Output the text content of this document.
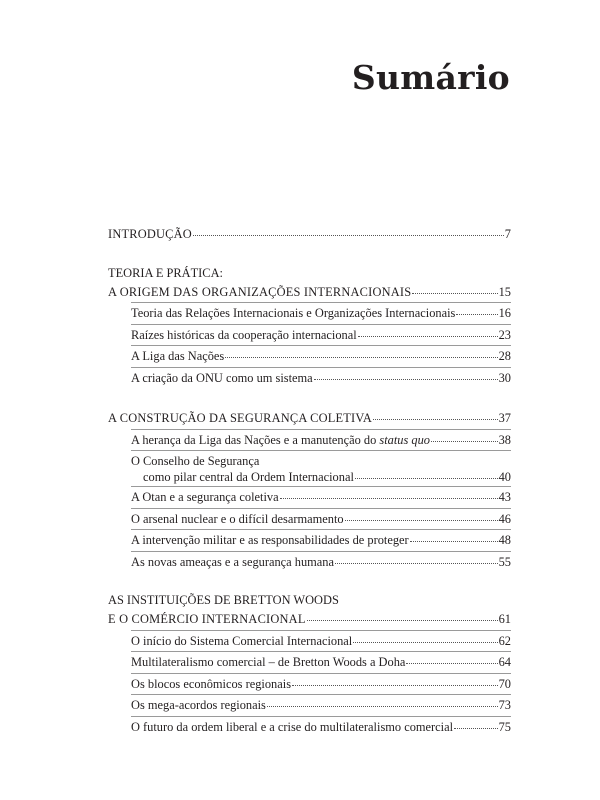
Sumário
INTRODUÇÃO	7
TEORIA E PRÁTICA:
A ORIGEM DAS ORGANIZAÇÕES INTERNACIONAIS	15
Teoria das Relações Internacionais e Organizações Internacionais	16
Raízes históricas da cooperação internacional	23
A Liga das Nações	28
A criação da ONU como um sistema	30
A CONSTRUÇÃO DA SEGURANÇA COLETIVA	37
A herança da Liga das Nações e a manutenção do status quo	38
O Conselho de Segurança
como pilar central da Ordem Internacional	40
A Otan e a segurança coletiva	43
O arsenal nuclear e o difícil desarmamento	46
A intervenção militar e as responsabilidades de proteger	48
As novas ameaças e a segurança humana	55
AS INSTITUIÇÕES DE BRETTON WOODS
E O COMÉRCIO INTERNACIONAL	61
O início do Sistema Comercial Internacional	62
Multilateralismo comercial – de Bretton Woods a Doha	64
Os blocos econômicos regionais	70
Os mega-acordos regionais	73
O futuro da ordem liberal e a crise do multilateralismo comercial	75
